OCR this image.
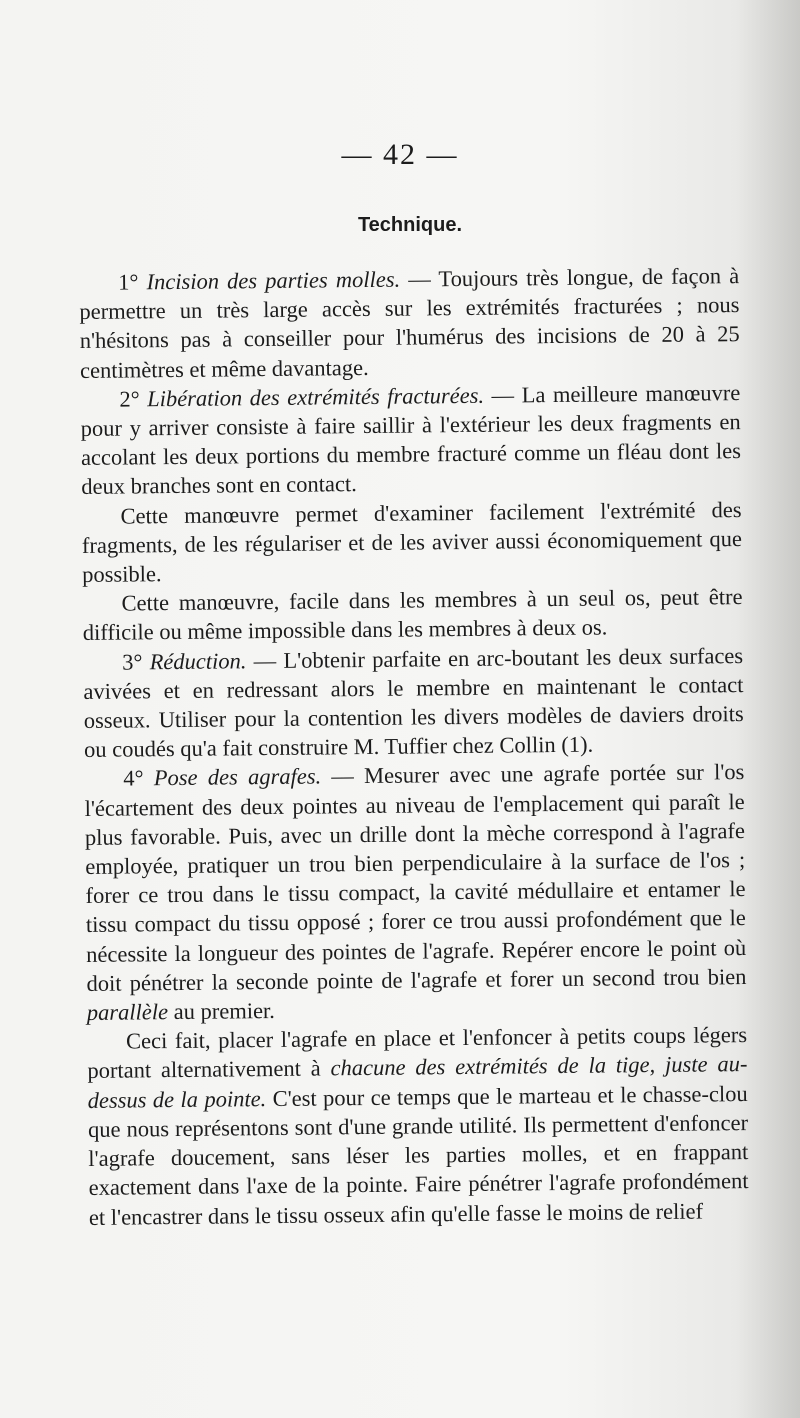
— 42 —
Technique.

1° Incision des parties molles. — Toujours très longue, de façon à permettre un très large accès sur les extrémités fracturées ; nous n'hésitons pas à conseiller pour l'humérus des incisions de 20 à 25 centimètres et même davantage.

2° Libération des extrémités fracturées. — La meilleure manœuvre pour y arriver consiste à faire saillir à l'extérieur les deux fragments en accolant les deux portions du membre fracturé comme un fléau dont les deux branches sont en contact.

Cette manœuvre permet d'examiner facilement l'extrémité des fragments, de les régulariser et de les aviver aussi économiquement que possible.

Cette manœuvre, facile dans les membres à un seul os, peut être difficile ou même impossible dans les membres à deux os.

3° Réduction. — L'obtenir parfaite en arc-boutant les deux surfaces avivées et en redressant alors le membre en maintenant le contact osseux. Utiliser pour la contention les divers modèles de daviers droits ou coudés qu'a fait construire M. Tuffier chez Collin (1).

4° Pose des agrafes. — Mesurer avec une agrafe portée sur l'os l'écartement des deux pointes au niveau de l'emplacement qui paraît le plus favorable. Puis, avec un drille dont la mèche correspond à l'agrafe employée, pratiquer un trou bien perpendiculaire à la surface de l'os ; forer ce trou dans le tissu compact, la cavité médullaire et entamer le tissu compact du tissu opposé ; forer ce trou aussi profondément que le nécessite la longueur des pointes de l'agrafe. Repérer encore le point où doit pénétrer la seconde pointe de l'agrafe et forer un second trou bien parallèle au premier.

Ceci fait, placer l'agrafe en place et l'enfoncer à petits coups légers portant alternativement à chacune des extrémités de la tige, juste au-dessus de la pointe. C'est pour ce temps que le marteau et le chasse-clou que nous représentons sont d'une grande utilité. Ils permettent d'enfoncer l'agrafe doucement, sans léser les parties molles, et en frappant exactement dans l'axe de la pointe. Faire pénétrer l'agrafe profondément et l'encastrer dans le tissu osseux afin qu'elle fasse le moins de relief
